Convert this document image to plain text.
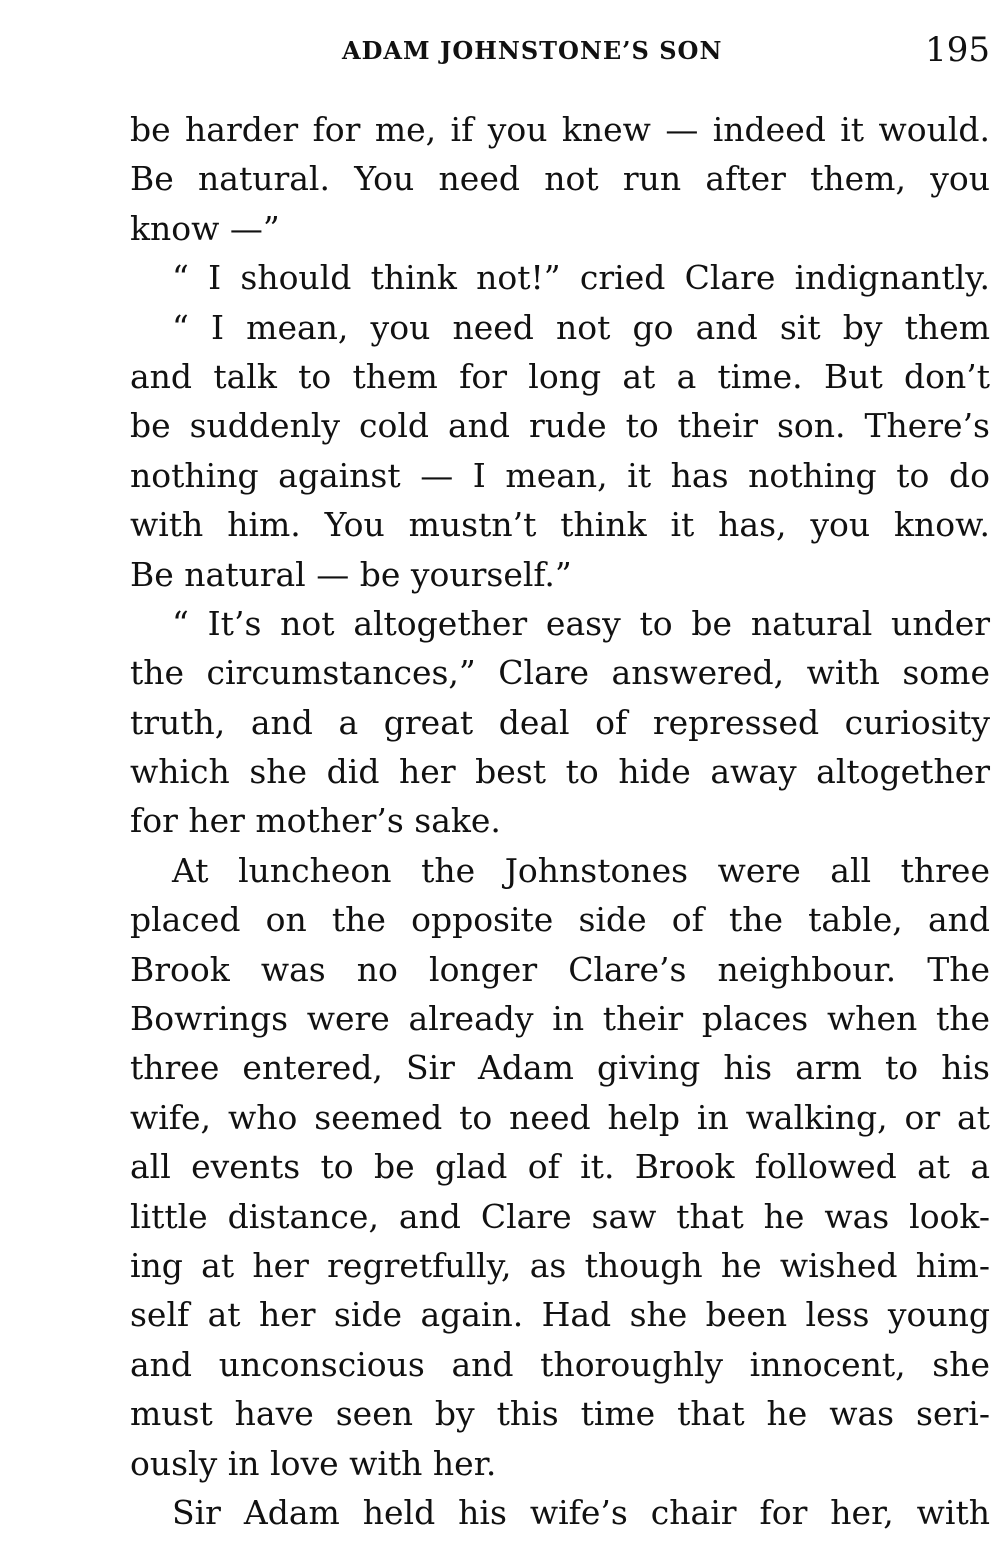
ADAM JOHNSTONE’S SON	195
be harder for me, if you knew — indeed it would.
Be natural. You need not run after them, you
know —”
“ I should think not!” cried Clare indignantly.
“ I mean, you need not go and sit by them
and talk to them for long at a time. But don’t
be suddenly cold and rude to their son. There’s
nothing against — I mean, it has nothing to do
with him. You mustn’t think it has, you know.
Be natural — be yourself.”
“ It’s not altogether easy to be natural under
the circumstances,” Clare answered, with some
truth, and a great deal of repressed curiosity
which she did her best to hide away altogether
for her mother’s sake.
At luncheon the Johnstones were all three
placed on the opposite side of the table, and
Brook was no longer Clare’s neighbour. The
Bowrings were already in their places when the
three entered, Sir Adam giving his arm to his
wife, who seemed to need help in walking, or at
all events to be glad of it. Brook followed at a
little distance, and Clare saw that he was look-
ing at her regretfully, as though he wished him-
self at her side again. Had she been less young
and unconscious and thoroughly innocent, she
must have seen by this time that he was seri-
ously in love with her.
Sir Adam held his wife’s chair for her, with
